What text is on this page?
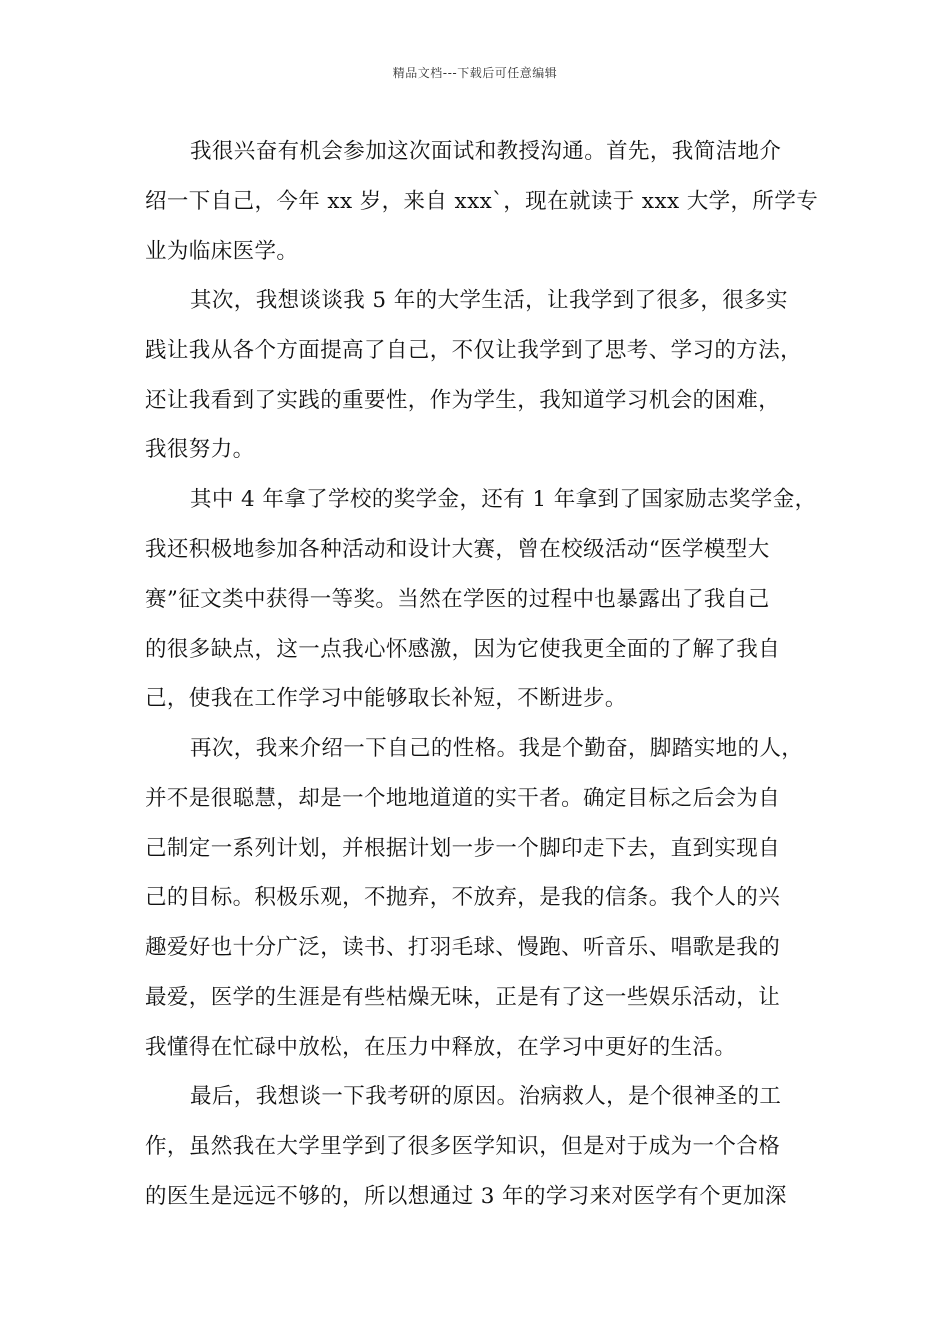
精品文档---下载后可任意编辑
我很兴奋有机会参加这次面试和教授沟通。首先，我简洁地介
绍一下自己，今年 xx 岁，来自 xxx`，现在就读于 xxx 大学，所学专
业为临床医学。
其次，我想谈谈我 5 年的大学生活，让我学到了很多，很多实
践让我从各个方面提高了自己，不仅让我学到了思考、学习的方法，
还让我看到了实践的重要性，作为学生，我知道学习机会的困难，
我很努力。
其中 4 年拿了学校的奖学金，还有 1 年拿到了国家励志奖学金，
我还积极地参加各种活动和设计大赛，曾在校级活动“医学模型大
赛”征文类中获得一等奖。当然在学医的过程中也暴露出了我自己
的很多缺点，这一点我心怀感激，因为它使我更全面的了解了我自
己，使我在工作学习中能够取长补短，不断进步。
再次，我来介绍一下自己的性格。我是个勤奋，脚踏实地的人，
并不是很聪慧，却是一个地地道道的实干者。确定目标之后会为自
己制定一系列计划，并根据计划一步一个脚印走下去，直到实现自
己的目标。积极乐观，不抛弃，不放弃，是我的信条。我个人的兴
趣爱好也十分广泛，读书、打羽毛球、慢跑、听音乐、唱歌是我的
最爱，医学的生涯是有些枯燥无味，正是有了这一些娱乐活动，让
我懂得在忙碌中放松，在压力中释放，在学习中更好的生活。
最后，我想谈一下我考研的原因。治病救人，是个很神圣的工
作，虽然我在大学里学到了很多医学知识，但是对于成为一个合格
的医生是远远不够的，所以想通过 3 年的学习来对医学有个更加深
